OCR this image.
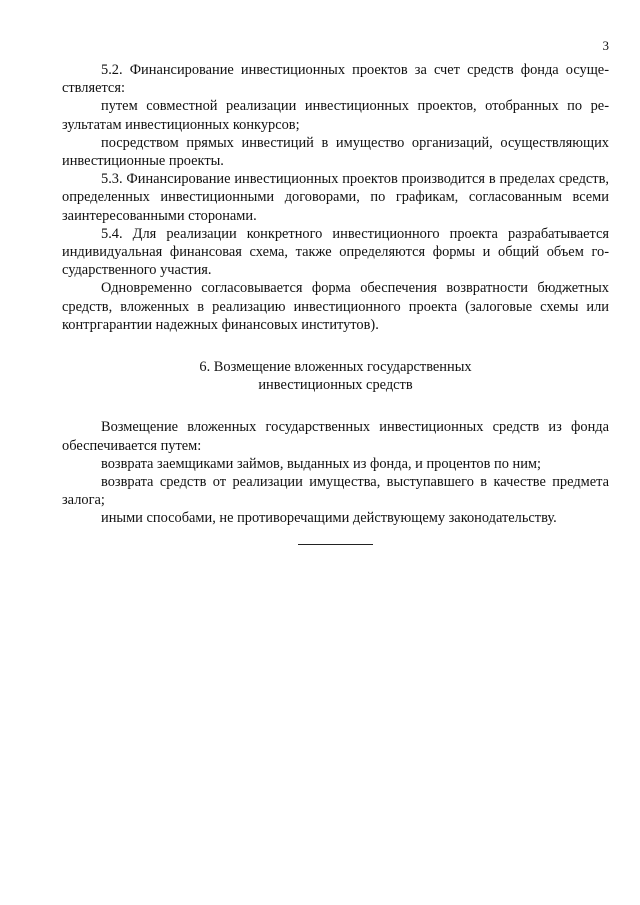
3

5.2. Финансирование инвестиционных проектов за счет средств фонда осуществляется:

путем совместной реализации инвестиционных проектов, отобранных по результатам инвестиционных конкурсов;

посредством прямых инвестиций в имущество организаций, осуществляющих инвестиционные проекты.

5.3. Финансирование инвестиционных проектов производится в пределах средств, определенных инвестиционными договорами, по графикам, согласованным всеми заинтересованными сторонами.

5.4. Для реализации конкретного инвестиционного проекта разрабатывается индивидуальная финансовая схема, также определяются формы и общий объем государственного участия.

Одновременно согласовывается форма обеспечения возвратности бюджетных средств, вложенных в реализацию инвестиционного проекта (залоговые схемы или контргарантии надежных финансовых институтов).

6. Возмещение вложенных государственных
инвестиционных средств

Возмещение вложенных государственных инвестиционных средств из фонда обеспечивается путем:

возврата заемщиками займов, выданных из фонда, и процентов по ним;

возврата средств от реализации имущества, выступавшего в качестве предмета залога;

иными способами, не противоречащими действующему законодательству.
